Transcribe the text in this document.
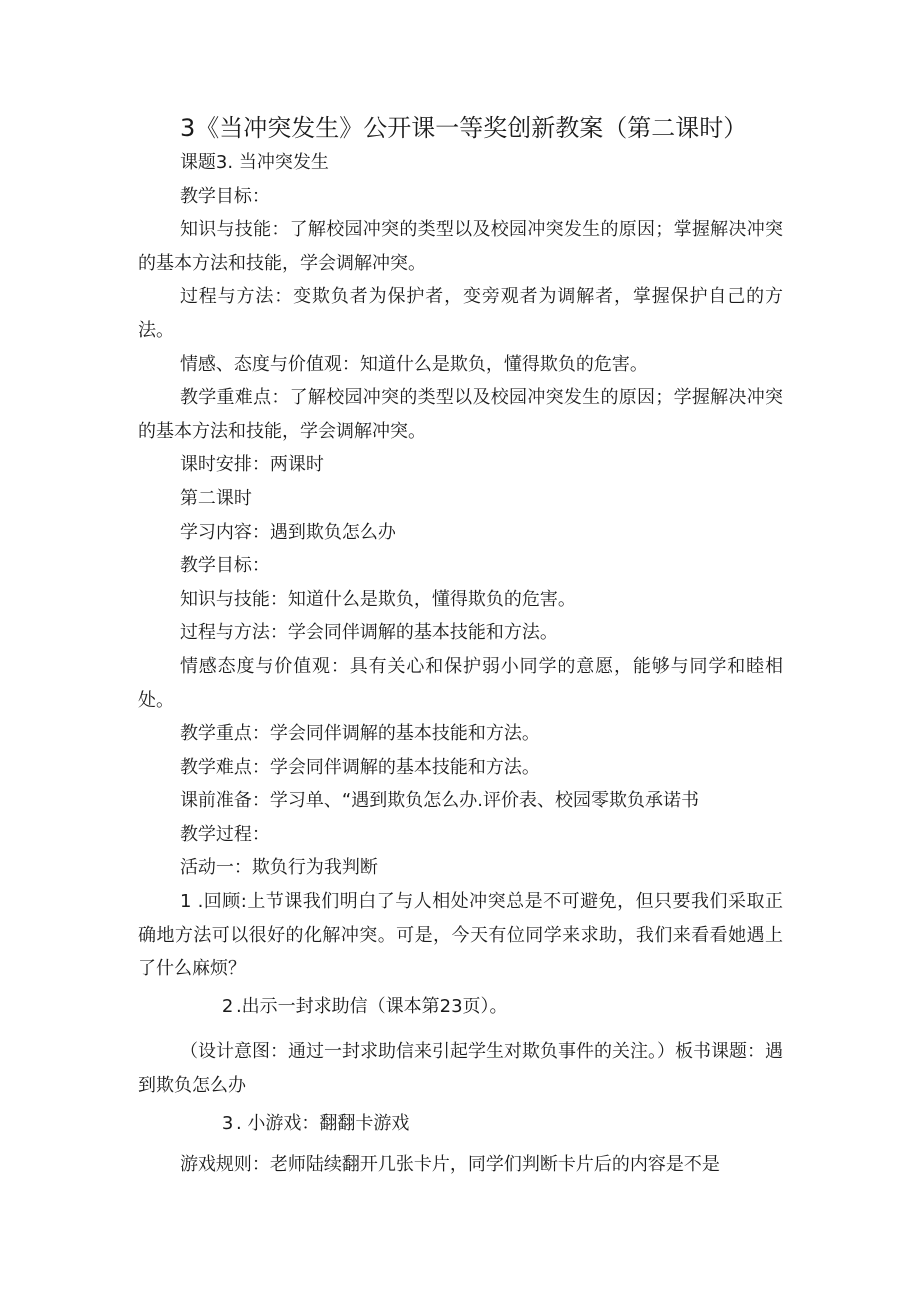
3《当冲突发生》公开课一等奖创新教案（第二课时）

课题3. 当冲突发生

教学目标：

知识与技能：了解校园冲突的类型以及校园冲突发生的原因；掌握解决冲突的基本方法和技能，学会调解冲突。

过程与方法：变欺负者为保护者，变旁观者为调解者，掌握保护自己的方法。

情感、态度与价值观：知道什么是欺负，懂得欺负的危害。

教学重难点：了解校园冲突的类型以及校园冲突发生的原因；学握解决冲突的基本方法和技能，学会调解冲突。

课时安排：两课时

第二课时

学习内容：遇到欺负怎么办

教学目标：

知识与技能：知道什么是欺负，懂得欺负的危害。

过程与方法：学会同伴调解的基本技能和方法。

情感态度与价值观：具有关心和保护弱小同学的意愿，能够与同学和睦相处。

教学重点：学会同伴调解的基本技能和方法。

教学难点：学会同伴调解的基本技能和方法。

课前准备：学习单、“遇到欺负怎么办.评价表、校园零欺负承诺书

教学过程：

活动一：欺负行为我判断

1 .回顾:上节课我们明白了与人相处冲突总是不可避免，但只要我们采取正确地方法可以很好的化解冲突。可是，今天有位同学来求助，我们来看看她遇上了什么麻烦？

2 .出示一封求助信（课本第23页）。

（设计意图：通过一封求助信来引起学生对欺负事件的关注。）板书课题：遇到欺负怎么办

3 . 小游戏：翻翻卡游戏

游戏规则：老师陆续翻开几张卡片，同学们判断卡片后的内容是不是
